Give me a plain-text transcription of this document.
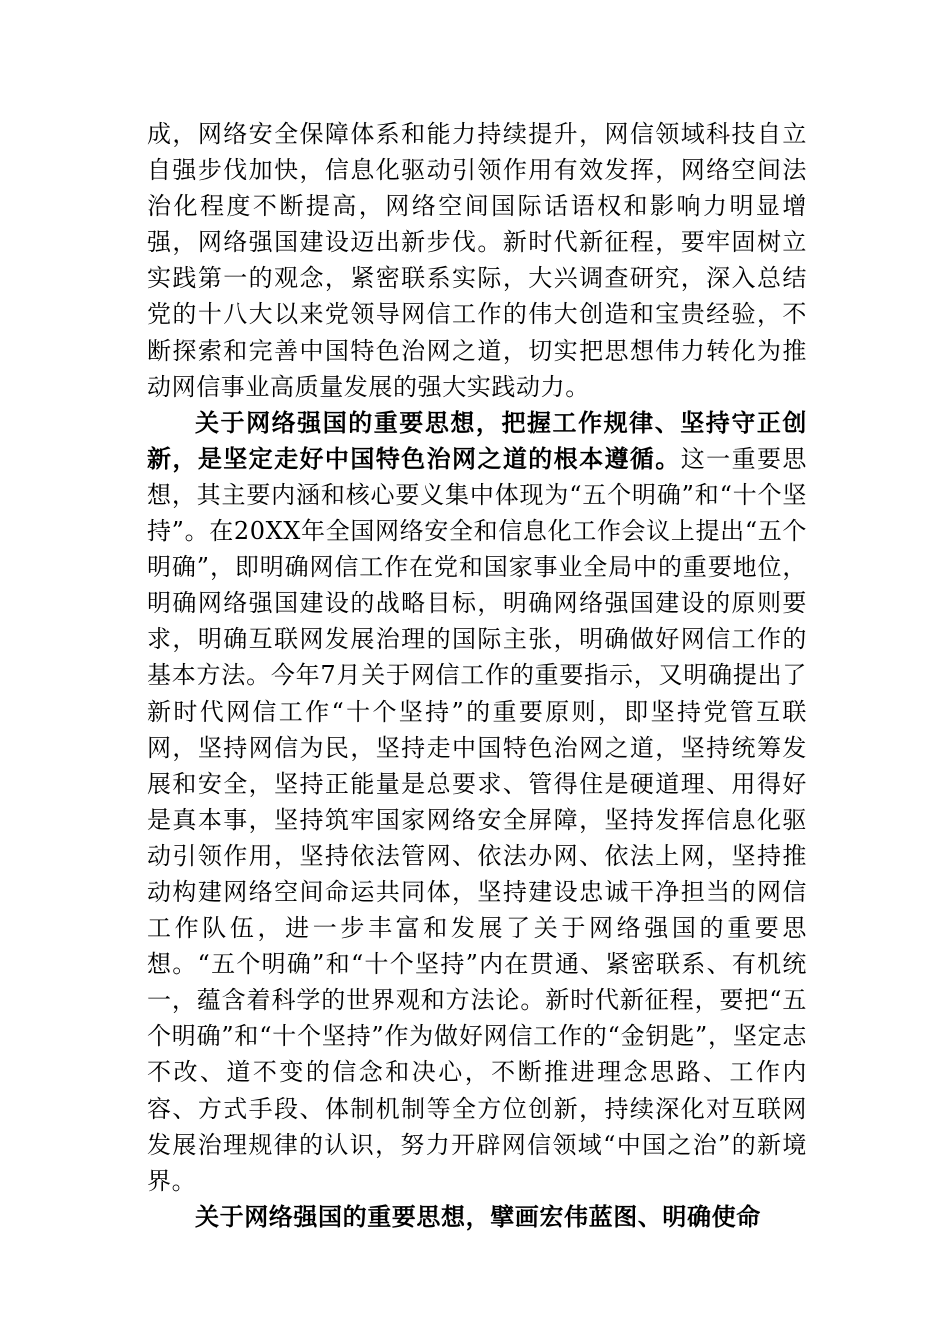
成，网络安全保障体系和能力持续提升，网信领域科技自立自强步伐加快，信息化驱动引领作用有效发挥，网络空间法治化程度不断提高，网络空间国际话语权和影响力明显增强，网络强国建设迈出新步伐。新时代新征程，要牢固树立实践第一的观念，紧密联系实际，大兴调查研究，深入总结党的十八大以来党领导网信工作的伟大创造和宝贵经验，不断探索和完善中国特色治网之道，切实把思想伟力转化为推动网信事业高质量发展的强大实践动力。

关于网络强国的重要思想，把握工作规律、坚持守正创新，是坚定走好中国特色治网之道的根本遵循。这一重要思想，其主要内涵和核心要义集中体现为“五个明确”和“十个坚持”。在20XX年全国网络安全和信息化工作会议上提出“五个明确”，即明确网信工作在党和国家事业全局中的重要地位，明确网络强国建设的战略目标，明确网络强国建设的原则要求，明确互联网发展治理的国际主张，明确做好网信工作的基本方法。今年7月关于网信工作的重要指示，又明确提出了新时代网信工作“十个坚持”的重要原则，即坚持党管互联网，坚持网信为民，坚持走中国特色治网之道，坚持统筹发展和安全，坚持正能量是总要求、管得住是硬道理、用得好是真本事，坚持筑牢国家网络安全屏障，坚持发挥信息化驱动引领作用，坚持依法管网、依法办网、依法上网，坚持推动构建网络空间命运共同体，坚持建设忠诚干净担当的网信工作队伍，进一步丰富和发展了关于网络强国的重要思想。“五个明确”和“十个坚持”内在贯通、紧密联系、有机统一，蕴含着科学的世界观和方法论。新时代新征程，要把“五个明确”和“十个坚持”作为做好网信工作的“金钥匙”，坚定志不改、道不变的信念和决心，不断推进理念思路、工作内容、方式手段、体制机制等全方位创新，持续深化对互联网发展治理规律的认识，努力开辟网信领域“中国之治”的新境界。

关于网络强国的重要思想，擘画宏伟蓝图、明确使命
